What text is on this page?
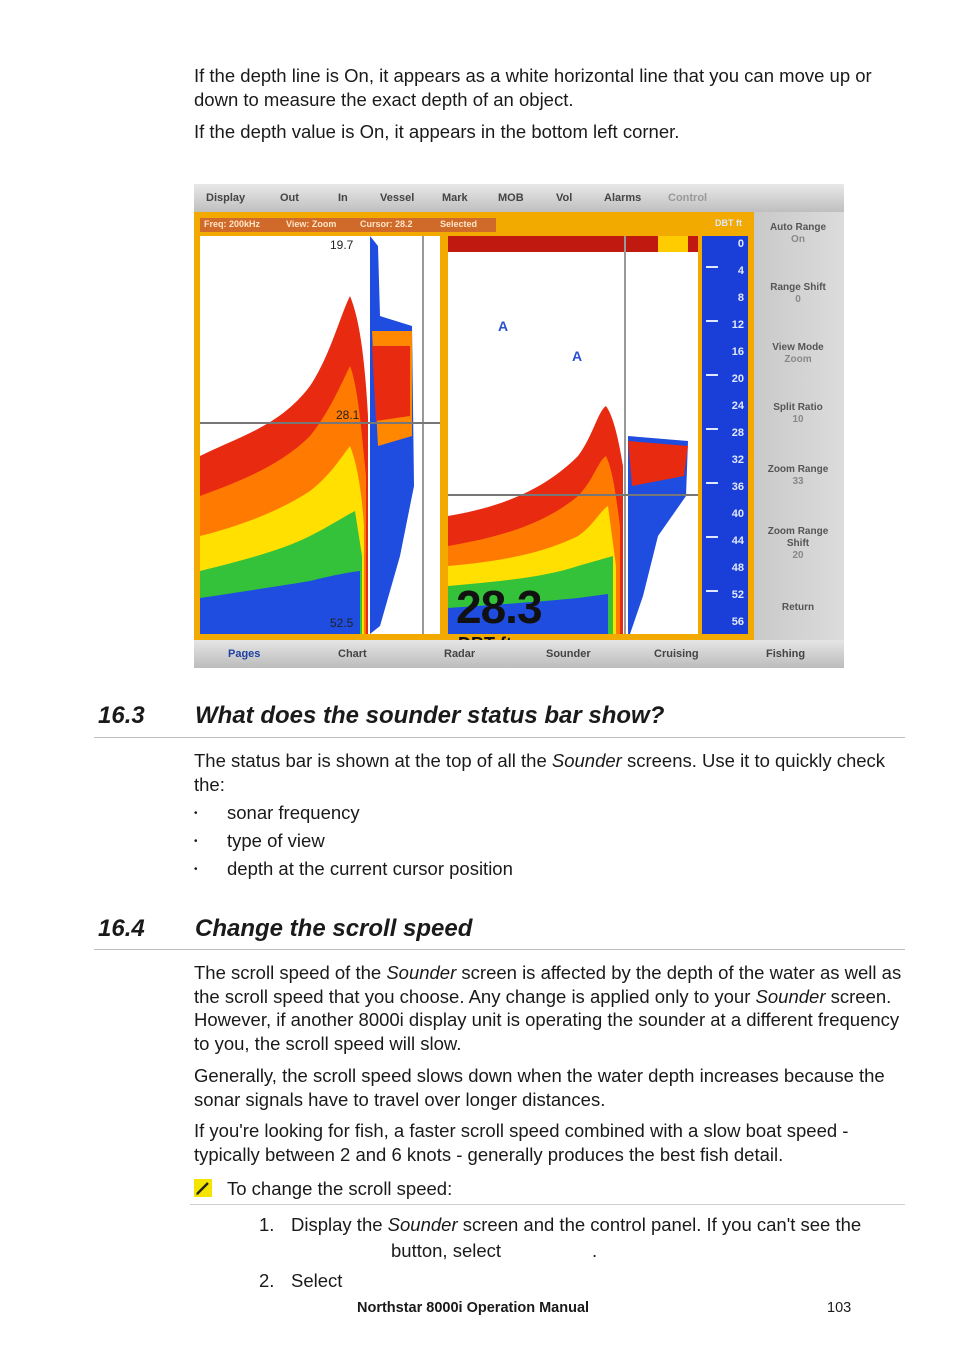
If the depth line is On, it appears as a white horizontal line that you can move up or down to measure the exact depth of an object.

If the depth value is On, it appears in the bottom left corner.

Display	Out	In	Vessel	Mark	MOB	Vol	Alarms Control
19.7
28.1
52.5
A
A
28.3
Freq: 200kHz	View: Zoom	Cursor: 28.2	Selected	DBT ft
0
4
8
12
16
20
24
28
32
36
40
44
48
52
56
Auto Range
On
Range Shift
0
View Mode
Zoom
Split Ratio
10
Zoom Range
33
Zoom Range Shift
20
Return
Pages	Chart	Radar	Sounder	Cruising	Fishing
16.3 What does the sounder status bar show?

The status bar is shown at the top of all the Sounder screens. Use it to quickly check the:

• sonar frequency
• type of view
• depth at the current cursor position
16.4 Change the scroll speed

The scroll speed of the Sounder screen is affected by the depth of the water as well as the scroll speed that you choose. Any change is applied only to your Sounder screen. However, if another 8000i display unit is operating the sounder at a different frequency to you, the scroll speed will slow.

Generally, the scroll speed slows down when the water depth increases because the sonar signals have to travel over longer distances.

If you're looking for fish, a faster scroll speed combined with a slow boat speed - typically between 2 and 6 knots - generally produces the best fish detail.

To change the scroll speed:
1. Display the Sounder screen and the control panel. If you can't see the
button, select	.
2. Select
Northstar 8000i Operation Manual	103
